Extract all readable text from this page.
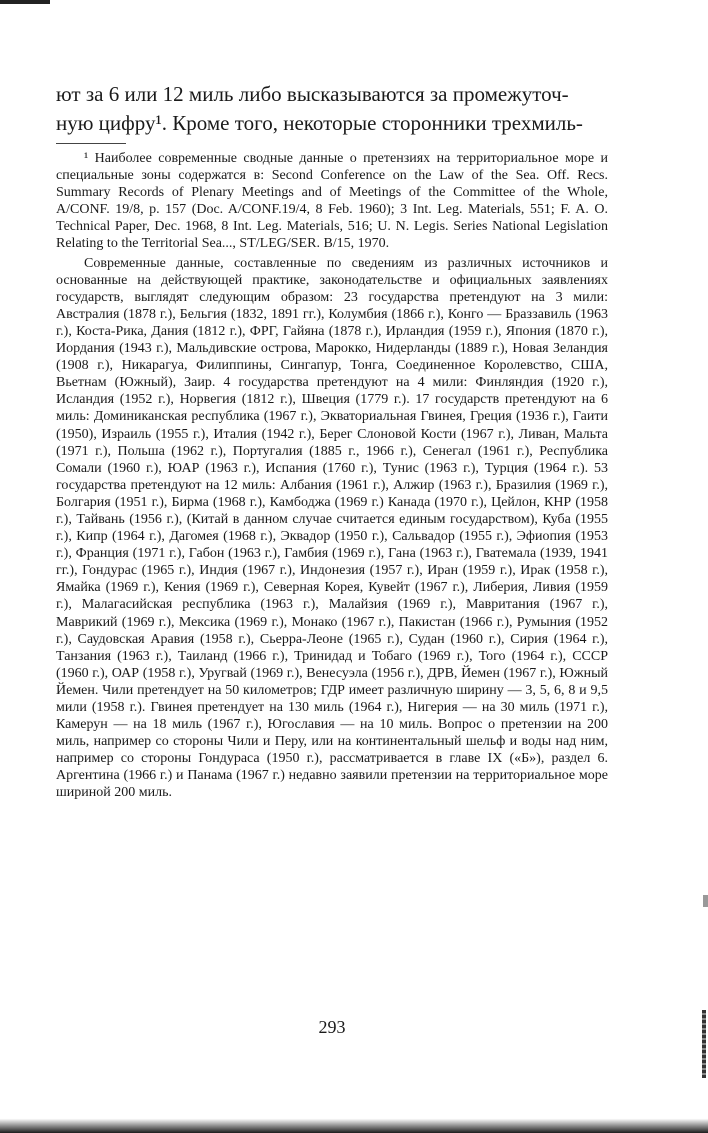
ют за 6 или 12 миль либо высказываются за промежуточ-
ную цифру¹. Кроме того, некоторые сторонники трехмиль-

¹ Наиболее современные сводные данные о претензиях на территориальное море и специальные зоны содержатся в: Second Conference on the Law of the Sea. Off. Recs. Summary Records of Plenary Meetings and of Meetings of the Committee of the Whole, A/CONF. 19/8, p. 157 (Doc. A/CONF.19/4, 8 Feb. 1960); 3 Int. Leg. Materials, 551; F. A. O. Technical Paper, Dec. 1968, 8 Int. Leg. Materials, 516; U. N. Legis. Series National Legislation Relating to the Territorial Sea..., ST/LEG/SER. B/15, 1970.

Современные данные, составленные по сведениям из различных источников и основанные на действующей практике, законодательстве и официальных заявлениях государств, выглядят следующим образом: 23 государства претендуют на 3 мили: Австралия (1878 г.), Бельгия (1832, 1891 гг.), Колумбия (1866 г.), Конго — Браззавиль (1963 г.), Коста-Рика, Дания (1812 г.), ФРГ, Гайяна (1878 г.), Ирландия (1959 г.), Япония (1870 г.), Иордания (1943 г.), Мальдивские острова, Марокко, Нидерланды (1889 г.), Новая Зеландия (1908 г.), Никарагуа, Филиппины, Сингапур, Тонга, Соединенное Королевство, США, Вьетнам (Южный), Заир. 4 государства претендуют на 4 мили: Финляндия (1920 г.), Исландия (1952 г.), Норвегия (1812 г.), Швеция (1779 г.). 17 государств претендуют на 6 миль: Доминиканская республика (1967 г.), Экваториальная Гвинея, Греция (1936 г.), Гаити (1950), Израиль (1955 г.), Италия (1942 г.), Берег Слоновой Кости (1967 г.), Ливан, Мальта (1971 г.), Польша (1962 г.), Португалия (1885 г., 1966 г.), Сенегал (1961 г.), Республика Сомали (1960 г.), ЮАР (1963 г.), Испания (1760 г.), Тунис (1963 г.), Турция (1964 г.). 53 государства претендуют на 12 миль: Албания (1961 г.), Алжир (1963 г.), Бразилия (1969 г.), Болгария (1951 г.), Бирма (1968 г.), Камбоджа (1969 г.) Канада (1970 г.), Цейлон, КНР (1958 г.), Тайвань (1956 г.), (Китай в данном случае считается единым государством), Куба (1955 г.), Кипр (1964 г.), Дагомея (1968 г.), Эквадор (1950 г.), Сальвадор (1955 г.), Эфиопия (1953 г.), Франция (1971 г.), Габон (1963 г.), Гамбия (1969 г.), Гана (1963 г.), Гватемала (1939, 1941 гг.), Гондурас (1965 г.), Индия (1967 г.), Индонезия (1957 г.), Иран (1959 г.), Ирак (1958 г.), Ямайка (1969 г.), Кения (1969 г.), Северная Корея, Кувейт (1967 г.), Либерия, Ливия (1959 г.), Малагасийская республика (1963 г.), Малайзия (1969 г.), Мавритания (1967 г.), Маврикий (1969 г.), Мексика (1969 г.), Монако (1967 г.), Пакистан (1966 г.), Румыния (1952 г.), Саудовская Аравия (1958 г.), Сьерра-Леоне (1965 г.), Судан (1960 г.), Сирия (1964 г.), Танзания (1963 г.), Таиланд (1966 г.), Тринидад и Тобаго (1969 г.), Того (1964 г.), СССР (1960 г.), ОАР (1958 г.), Уругвай (1969 г.), Венесуэла (1956 г.), ДРВ, Йемен (1967 г.), Южный Йемен. Чили претендует на 50 километров; ГДР имеет различную ширину — 3, 5, 6, 8 и 9,5 мили (1958 г.). Гвинея претендует на 130 миль (1964 г.), Нигерия — на 30 миль (1971 г.), Камерун — на 18 миль (1967 г.), Югославия — на 10 миль. Вопрос о претензии на 200 миль, например со стороны Чили и Перу, или на континентальный шельф и воды над ним, например со стороны Гондураса (1950 г.), рассматривается в главе IX («Б»), раздел 6. Аргентина (1966 г.) и Панама (1967 г.) недавно заявили претензии на территориальное море шириной 200 миль.

293
